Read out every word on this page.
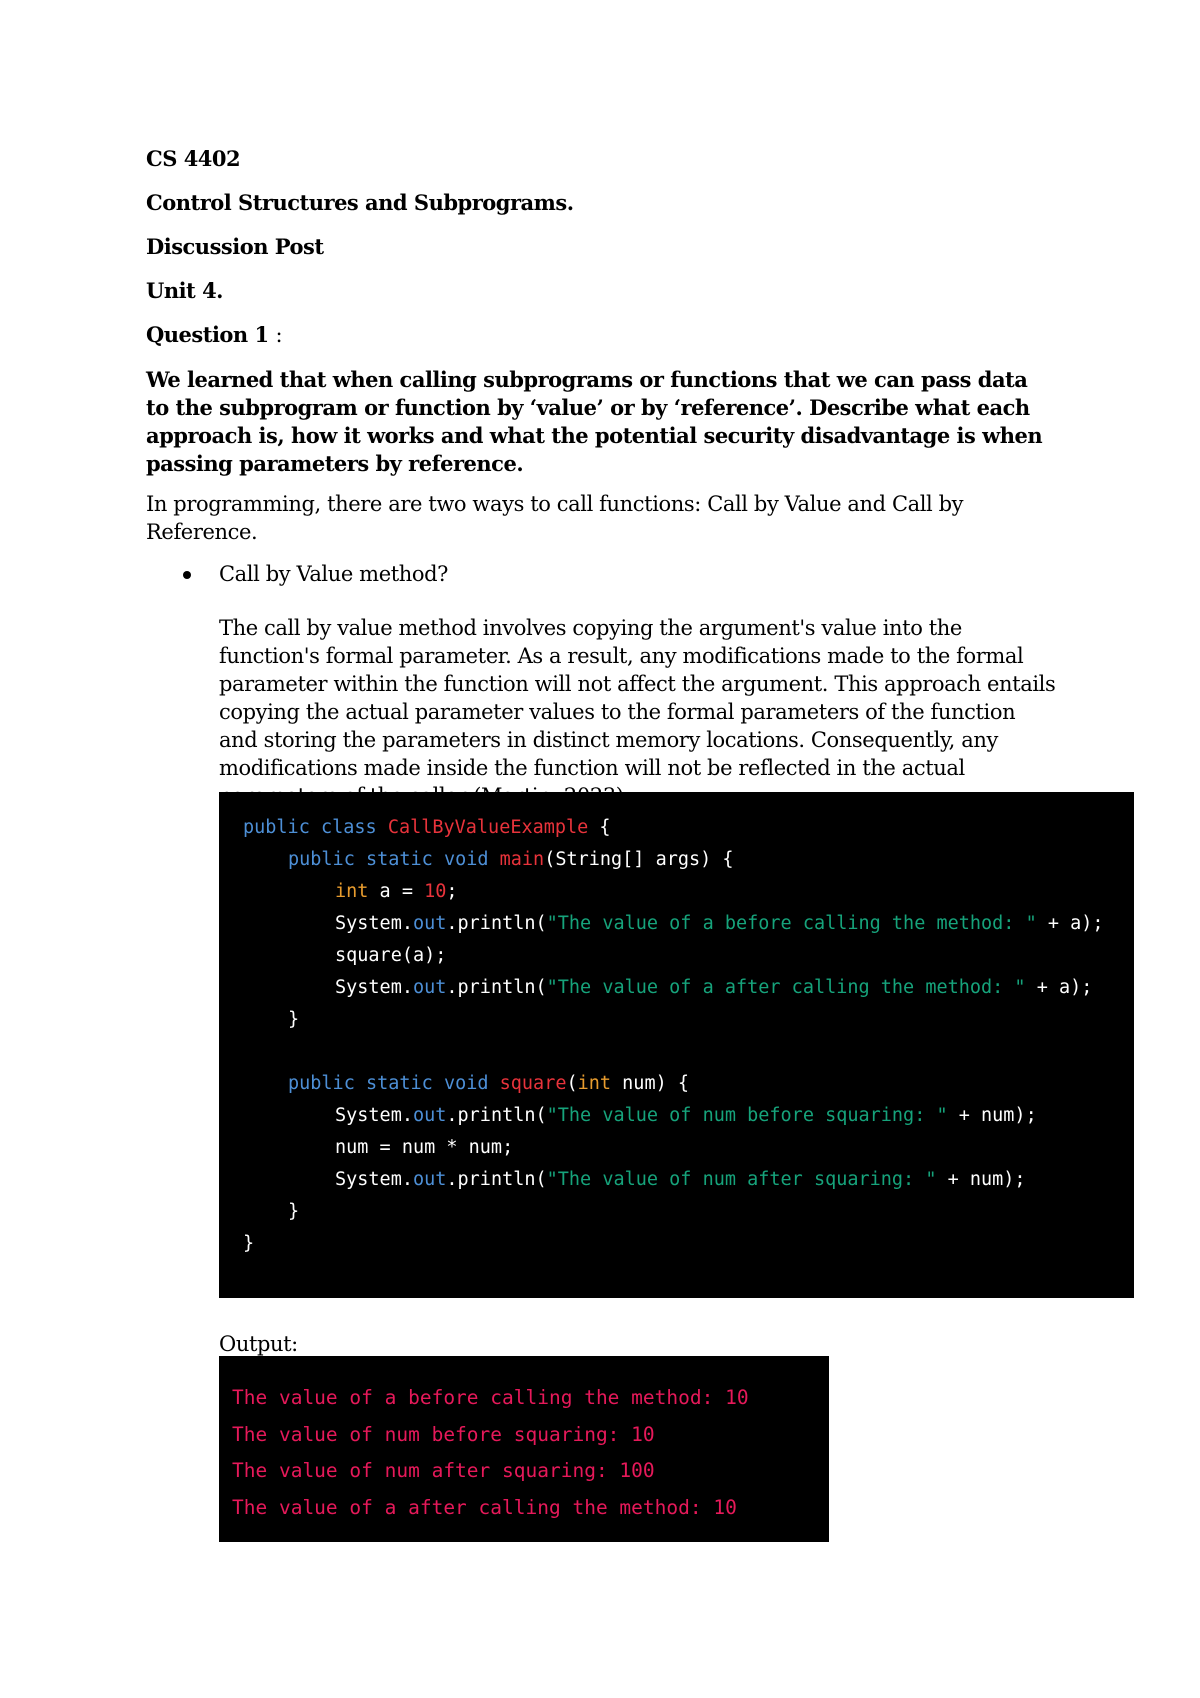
CS 4402
Control Structures and Subprograms.
Discussion Post
Unit 4.
Question 1 :
We learned that when calling subprograms or functions that we can pass data to the subprogram or function by ‘value’ or by ‘reference’. Describe what each approach is, how it works and what the potential security disadvantage is when passing parameters by reference.
In programming, there are two ways to call functions: Call by Value and Call by Reference.
Call by Value method?
The call by value method involves copying the argument's value into the function's formal parameter. As a result, any modifications made to the formal parameter within the function will not affect the argument. This approach entails copying the actual parameter values to the formal parameters of the function and storing the parameters in distinct memory locations. Consequently, any modifications made inside the function will not be reflected in the actual
public class CallByValueExample {
public static void main(String[] args) {
int a = 10;
System.out.println("The value of a before calling the method: " + a);
square(a);
System.out.println("The value of a after calling the method: " + a);
}
public static void square(int num) {
System.out.println("The value of num before squaring: " + num);
num = num * num;
System.out.println("The value of num after squaring: " + num);
}
}
Output:
The value of a before calling the method: 10
The value of num before squaring: 10
The value of num after squaring: 100
The value of a after calling the method: 10
